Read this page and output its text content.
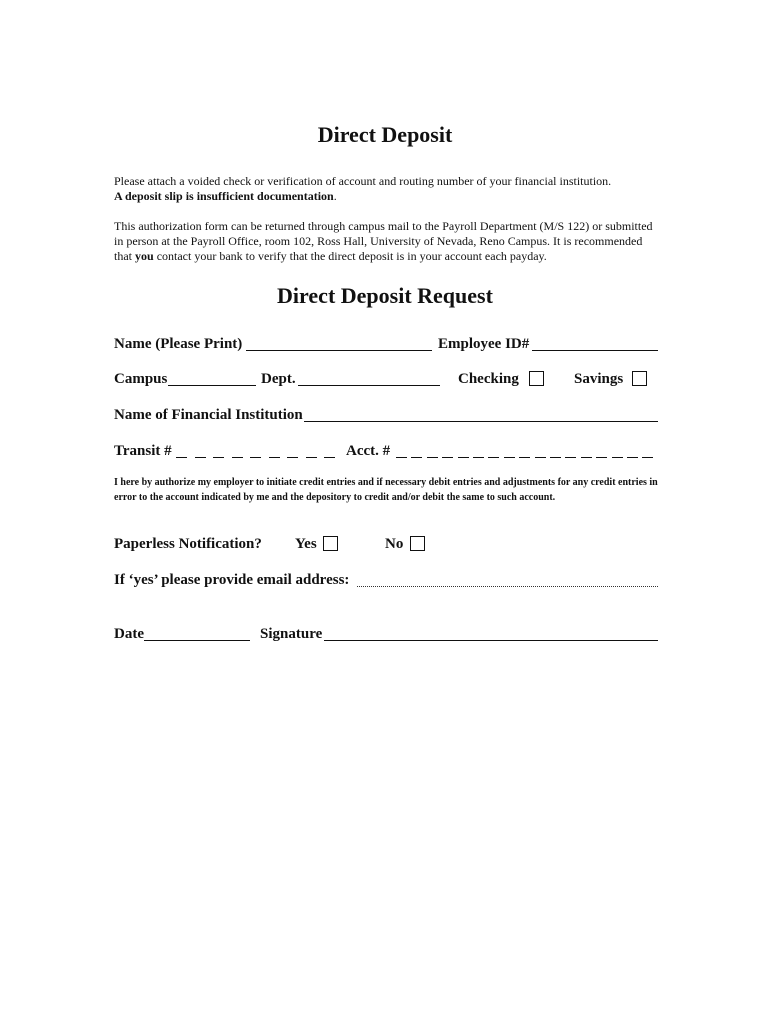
Direct Deposit
Please attach a voided check or verification of account and routing number of your financial institution.
A deposit slip is insufficient documentation.
This authorization form can be returned through campus mail to the Payroll Department (M/S 122) or submitted in person at the Payroll Office, room 102, Ross Hall, University of Nevada, Reno Campus. It is recommended that you contact your bank to verify that the direct deposit is in your account each payday.
Direct Deposit Request
Name (Please Print)	Employee ID#
Campus	Dept.	Checking	Savings
Name of Financial Institution
Transit #	Acct. #
I here by authorize my employer to initiate credit entries and if necessary debit entries and adjustments for any credit entries in error to the account indicated by me and the depository to credit and/or debit the same to such account.
Paperless Notification? Yes	No
If ‘yes’ please provide email address:
Date	Signature
